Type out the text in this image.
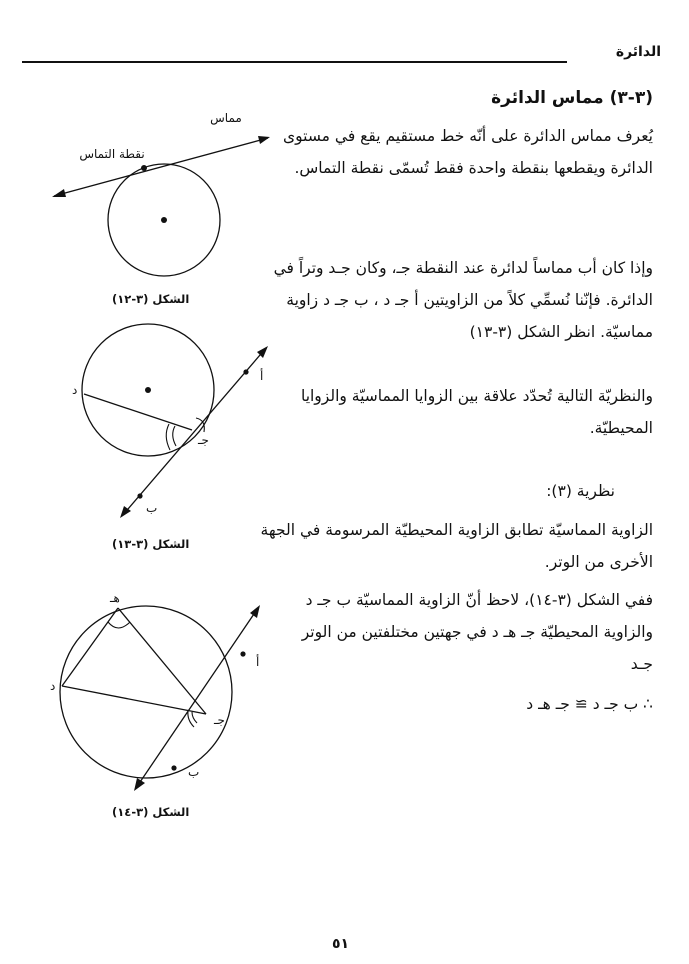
الدائرة
(٣-٣) مماس الدائرة
يُعرف مماس الدائرة على أنّه خط مستقيم يقع في مستوى الدائرة ويقطعها بنقطة واحدة فقط تُسمّى نقطة التماس.
وإذا كان أب مماساً لدائرة عند النقطة جـ، وكان جـد وتراً في الدائرة. فإنّنا نُسمِّي كلاً من الزاويتين أ جـ د ، ب جـ د زاوية مماسيّة. انظر الشكل (٣-١٣)
والنظريّة التالية تُحدّد علاقة بين الزوايا المماسيّة والزوايا المحيطيّة.
نظرية (٣):
الزاوية المماسيّة تطابق الزاوية المحيطيّة المرسومة في الجهة الأخرى من الوتر.
ففي الشكل (٣-١٤)، لاحظ أنّ الزاوية المماسيّة ب جـ د والزاوية المحيطيّة جـ هـ د في جهتين مختلفتين من الوتر جـد
∴ ب جـ د ≅ جـ هـ د
مماس
نقطة التماس
الشكل (٣-١٢)
أ
ب
جـ
د
الشكل (٣-١٣)
أ
ب
جـ
د
هـ
الشكل (٣-١٤)
٥١
